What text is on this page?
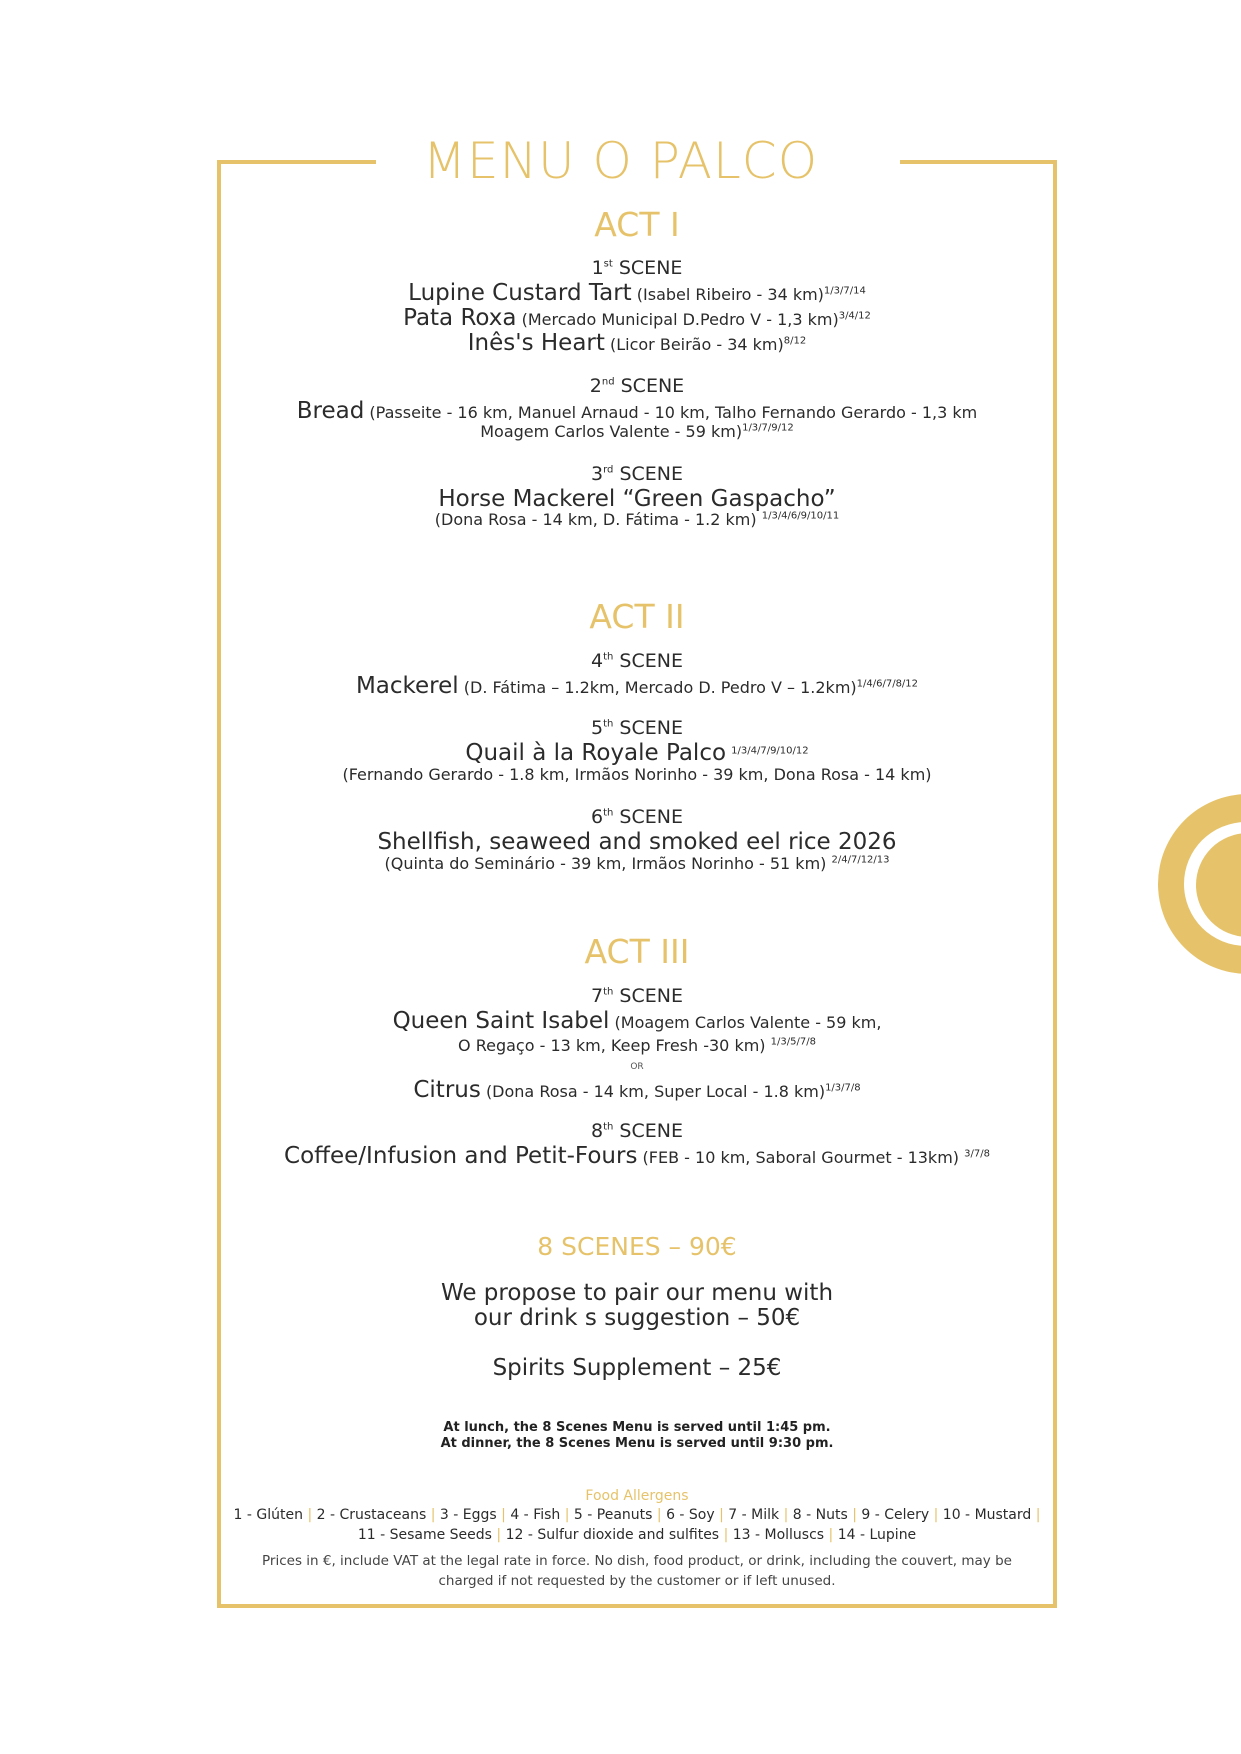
MENU O PALCO
ACT I
1st SCENE
Lupine Custard Tart (Isabel Ribeiro - 34 km)$^{1/3/7/14}$
Pata Roxa (Mercado Municipal D.Pedro V - 1,3 km)$^{3/4/12}$
Inês's Heart (Licor Beirão - 34 km)$^{8/12}$
2nd SCENE
Bread (Passeite - 16 km, Manuel Arnaud - 10 km, Talho Fernando Gerardo - 1,3 km
Moagem Carlos Valente - 59 km)$^{1/3/7/9/12}$
3rd SCENE
Horse Mackerel “Green Gaspacho”
(Dona Rosa - 14 km, D. Fátima - 1.2 km) $^{1/3/4/6/9/10/11}$
ACT II
4th SCENE
Mackerel (D. Fátima – 1.2km, Mercado D. Pedro V – 1.2km)$^{1/4/6/7/8/12}$
5th SCENE
Quail à la Royale Palco $^{1/3/4/7/9/10/12}$
(Fernando Gerardo - 1.8 km, Irmãos Norinho - 39 km, Dona Rosa - 14 km)
6th SCENE
Shellfish, seaweed and smoked eel rice 2026
(Quinta do Seminário - 39 km, Irmãos Norinho - 51 km) $^{2/4/7/12/13}$
ACT III
7th SCENE
Queen Saint Isabel (Moagem Carlos Valente - 59 km,
O Regaço - 13 km, Keep Fresh -30 km) $^{1/3/5/7/8}$
OR
Citrus (Dona Rosa - 14 km, Super Local - 1.8 km)$^{1/3/7/8}$
8th SCENE
Coffee/Infusion and Petit-Fours (FEB - 10 km, Saboral Gourmet - 13km) $^{3/7/8}$
8 SCENES – 90€
We propose to pair our menu with
our drink s suggestion – 50€
Spirits Supplement – 25€
At lunch, the 8 Scenes Menu is served until 1:45 pm.
At dinner, the 8 Scenes Menu is served until 9:30 pm.
Food Allergens
1 - Glúten | 2 - Crustaceans | 3 - Eggs | 4 - Fish | 5 - Peanuts | 6 - Soy | 7 - Milk | 8 - Nuts | 9 - Celery | 10 - Mustard |
11 - Sesame Seeds | 12 - Sulfur dioxide and sulfites | 13 - Molluscs | 14 - Lupine
Prices in €, include VAT at the legal rate in force. No dish, food product, or drink, including the couvert, may be
charged if not requested by the customer or if left unused.
